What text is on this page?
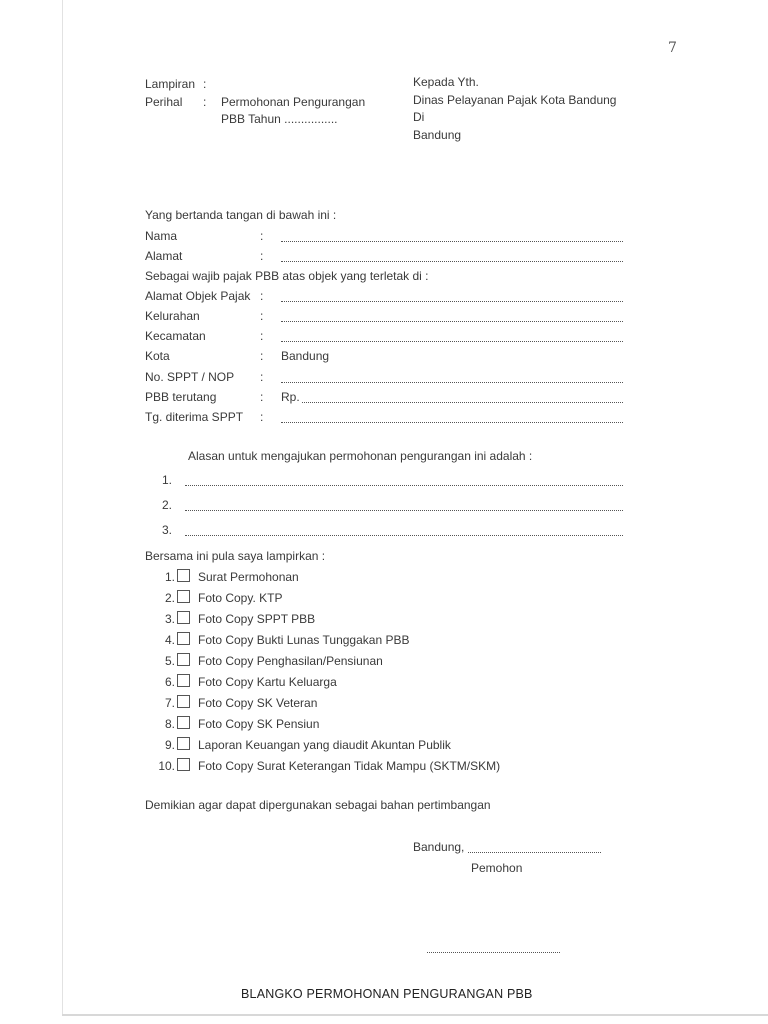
7
Lampiran :
Perihal : Permohonan Pengurangan
PBB Tahun ................
Kepada Yth.
Dinas Pelayanan Pajak Kota Bandung
Di
Bandung
Yang bertanda tangan di bawah ini :
Nama	:
Alamat	:
Sebagai wajib pajak PBB atas objek yang terletak di :
Alamat Objek Pajak :
Kelurahan	:
Kecamatan	:
Kota	: Bandung
No. SPPT / NOP :
PBB terutang	: Rp.
Tg. diterima SPPT :
Alasan untuk mengajukan permohonan pengurangan ini adalah :
1.
2.
3.
Bersama ini pula saya lampirkan :
1. Surat Permohonan
2. Foto Copy. KTP
3. Foto Copy SPPT PBB
4. Foto Copy Bukti Lunas Tunggakan PBB
5. Foto Copy Penghasilan/Pensiunan
6. Foto Copy Kartu Keluarga
7. Foto Copy SK Veteran
8. Foto Copy SK Pensiun
9. Laporan Keuangan yang diaudit Akuntan Publik
10. Foto Copy Surat Keterangan Tidak Mampu (SKTM/SKM)
Demikian agar dapat dipergunakan sebagai bahan pertimbangan
Bandung,
Pemohon
BLANGKO PERMOHONAN PENGURANGAN PBB
